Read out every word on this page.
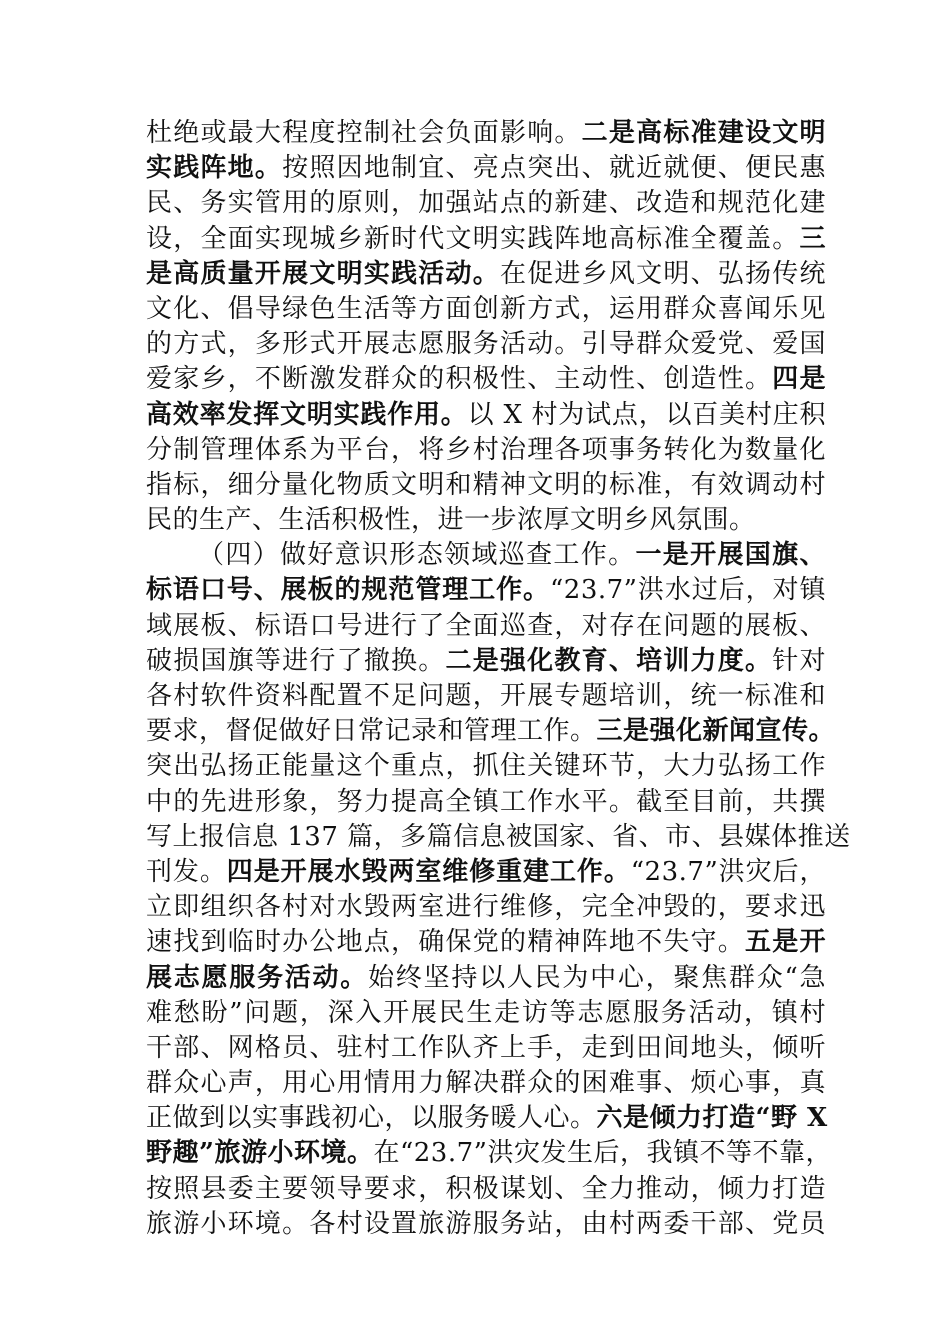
杜绝或最大程度控制社会负面影响。二是高标准建设文明
实践阵地。按照因地制宜、亮点突出、就近就便、便民惠
民、务实管用的原则，加强站点的新建、改造和规范化建
设，全面实现城乡新时代文明实践阵地高标准全覆盖。三
是高质量开展文明实践活动。在促进乡风文明、弘扬传统
文化、倡导绿色生活等方面创新方式，运用群众喜闻乐见
的方式，多形式开展志愿服务活动。引导群众爱党、爱国
爱家乡，不断激发群众的积极性、主动性、创造性。四是
高效率发挥文明实践作用。以 X 村为试点，以百美村庄积
分制管理体系为平台，将乡村治理各项事务转化为数量化
指标，细分量化物质文明和精神文明的标准，有效调动村
民的生产、生活积极性，进一步浓厚文明乡风氛围。
（四）做好意识形态领域巡查工作。一是开展国旗、
标语口号、展板的规范管理工作。“23.7”洪水过后，对镇
域展板、标语口号进行了全面巡查，对存在问题的展板、
破损国旗等进行了撤换。二是强化教育、培训力度。针对
各村软件资料配置不足问题，开展专题培训，统一标准和
要求，督促做好日常记录和管理工作。三是强化新闻宣传。
突出弘扬正能量这个重点，抓住关键环节，大力弘扬工作
中的先进形象，努力提高全镇工作水平。截至目前，共撰
写上报信息 137 篇，多篇信息被国家、省、市、县媒体推送
刊发。四是开展水毁两室维修重建工作。“23.7”洪灾后，
立即组织各村对水毁两室进行维修，完全冲毁的，要求迅
速找到临时办公地点，确保党的精神阵地不失守。五是开
展志愿服务活动。始终坚持以人民为中心，聚焦群众“急
难愁盼”问题，深入开展民生走访等志愿服务活动，镇村
干部、网格员、驻村工作队齐上手，走到田间地头，倾听
群众心声，用心用情用力解决群众的困难事、烦心事，真
正做到以实事践初心，以服务暖人心。六是倾力打造“野 X
野趣”旅游小环境。在“23.7”洪灾发生后，我镇不等不靠，
按照县委主要领导要求，积极谋划、全力推动，倾力打造
旅游小环境。各村设置旅游服务站，由村两委干部、党员
